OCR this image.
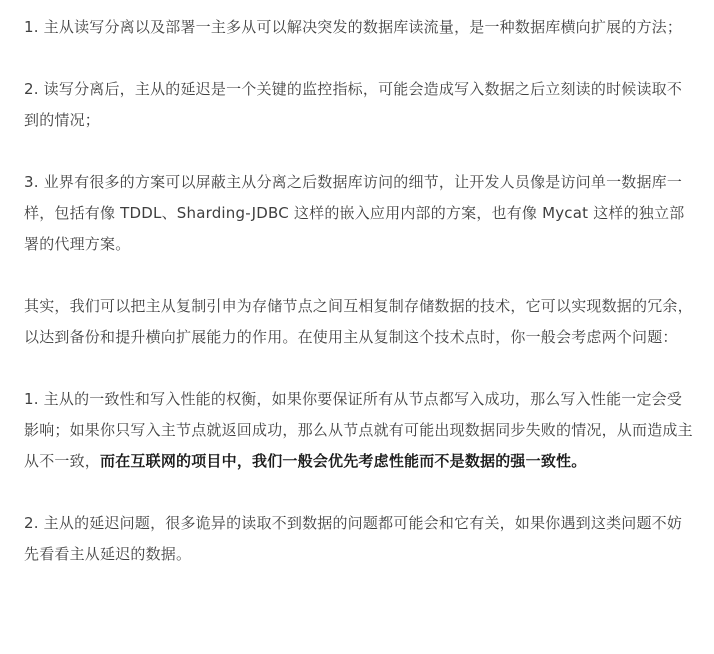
1. 主从读写分离以及部署一主多从可以解决突发的数据库读流量，是一种数据库横向扩展的方法；

2. 读写分离后，主从的延迟是一个关键的监控指标，可能会造成写入数据之后立刻读的时候读取不到的情况；

3. 业界有很多的方案可以屏蔽主从分离之后数据库访问的细节，让开发人员像是访问单一数据库一样，包括有像 TDDL、Sharding-JDBC 这样的嵌入应用内部的方案，也有像 Mycat 这样的独立部署的代理方案。

其实，我们可以把主从复制引申为存储节点之间互相复制存储数据的技术，它可以实现数据的冗余，以达到备份和提升横向扩展能力的作用。在使用主从复制这个技术点时，你一般会考虑两个问题：

1. 主从的一致性和写入性能的权衡，如果你要保证所有从节点都写入成功，那么写入性能一定会受影响；如果你只写入主节点就返回成功，那么从节点就有可能出现数据同步失败的情况，从而造成主从不一致，而在互联网的项目中，我们一般会优先考虑性能而不是数据的强一致性。

2. 主从的延迟问题，很多诡异的读取不到数据的问题都可能会和它有关，如果你遇到这类问题不妨先看看主从延迟的数据。
